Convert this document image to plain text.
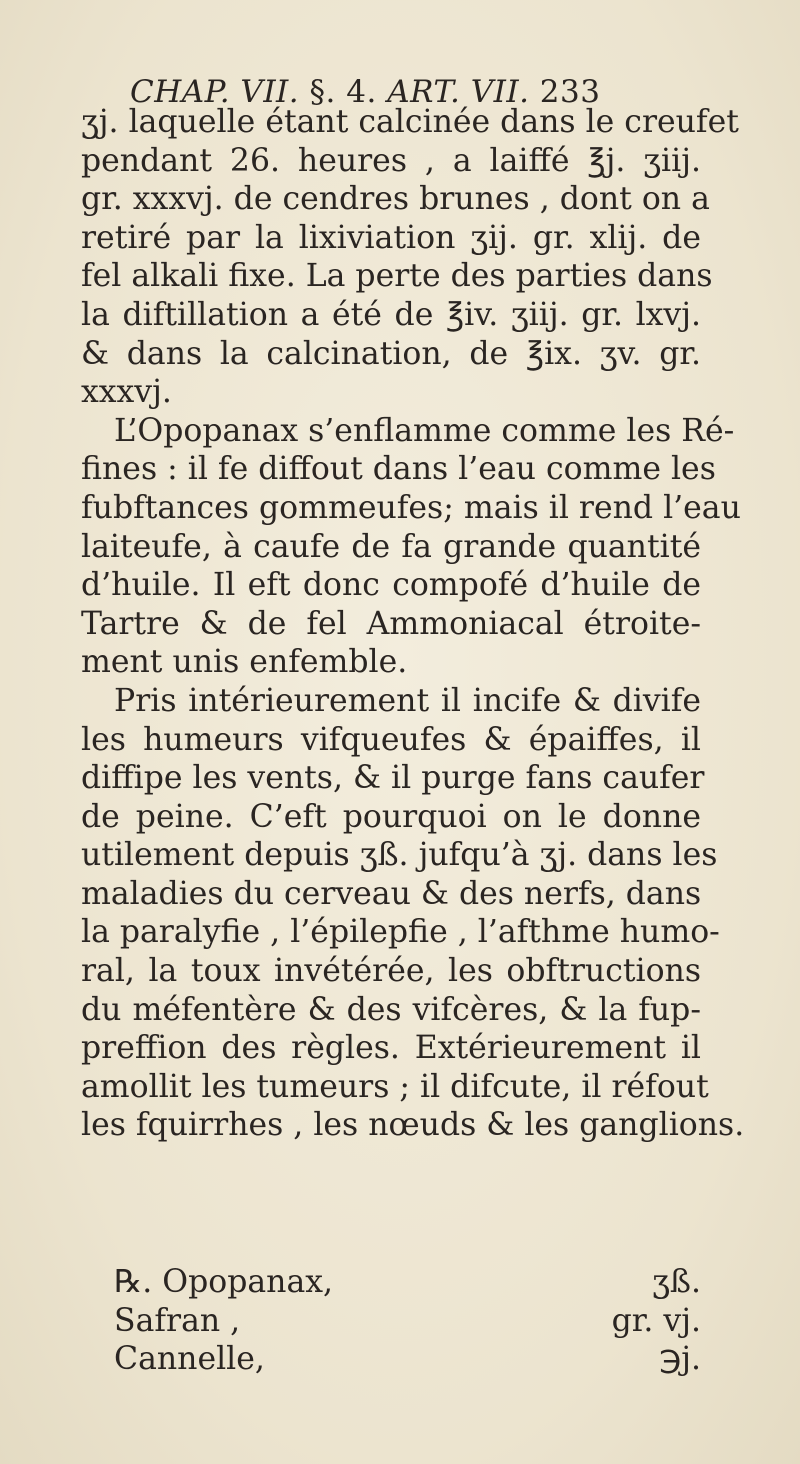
CHAP. VII. §. 4. ART. VII. 233
ʒj. laquelle étant calcinée dans le creufet
pendant 26. heures , a laiffé ℥j. ʒiij.
gr. xxxvj. de cendres brunes , dont on a
retiré par la lixiviation ʒij. gr. xlij. de
fel alkali fixe. La perte des parties dans
la diftillation a été de ℥iv. ʒiij. gr. lxvj.
& dans la calcination, de ℥ix. ʒv. gr.
xxxvj.
L’Opopanax s’enflamme comme les Ré-
fines : il fe diffout dans l’eau comme les
fubftances gommeufes; mais il rend l’eau
laiteufe, à caufe de fa grande quantité
d’huile. Il eft donc compofé d’huile de
Tartre & de fel Ammoniacal étroite-
ment unis enfemble.
Pris intérieurement il incife & divife
les humeurs vifqueufes & épaiffes, il
diffipe les vents, & il purge fans caufer
de peine. C’eft pourquoi on le donne
utilement depuis ʒß. jufqu’à ʒj. dans les
maladies du cerveau & des nerfs, dans
la paralyfie , l’épilepfie , l’afthme humo-
ral, la toux invétérée, les obftructions
du méfentère & des vifcères, & la fup-
preffion des règles. Extérieurement il
amollit les tumeurs ; il difcute, il réfout
les fquirrhes , les nœuds & les ganglions.
℞. Opopanax,	ʒß.
Safran ,	gr. vj.
Cannelle,	℈j.
